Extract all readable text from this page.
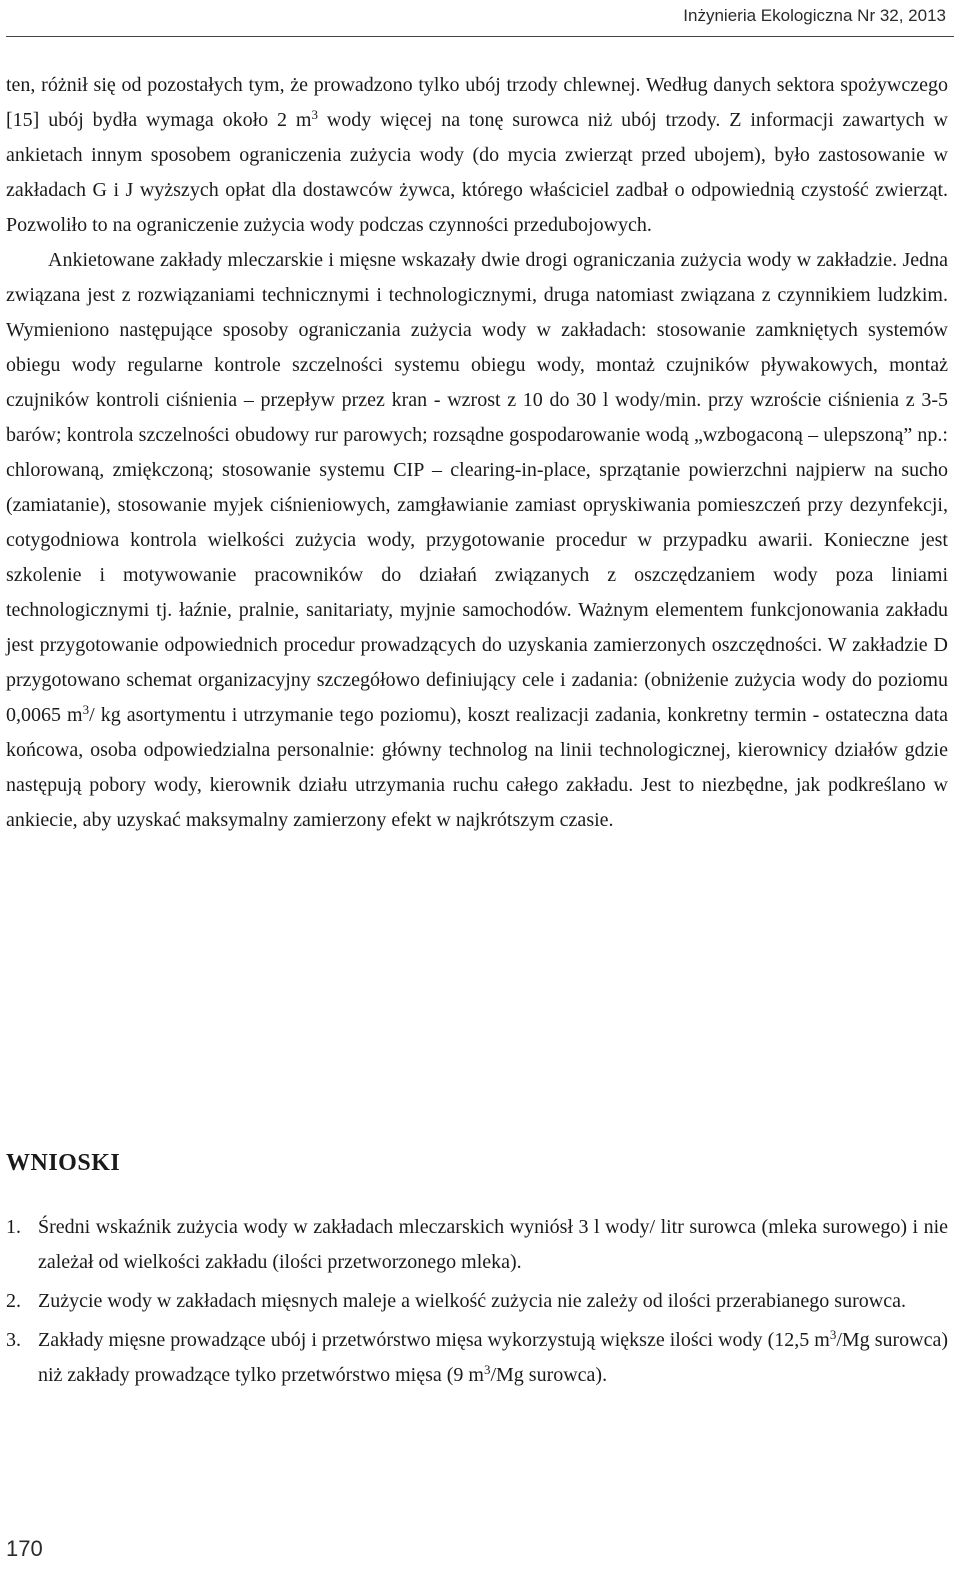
Inżynieria Ekologiczna Nr 32, 2013

ten, różnił się od pozostałych tym, że prowadzono tylko ubój trzody chlewnej. Według danych sektora spożywczego [15] ubój bydła wymaga około 2 $m^3$ wody więcej na tonę surowca niż ubój trzody. Z informacji zawartych w ankietach innym sposobem ograniczenia zużycia wody (do mycia zwierząt przed ubojem), było zastosowanie w zakładach G i J wyższych opłat dla dostawców żywca, którego właściciel zadbał o odpowiednią czystość zwierząt. Pozwoliło to na ograniczenie zużycia wody podczas czynności przedubojowych.

Ankietowane zakłady mleczarskie i mięsne wskazały dwie drogi ograniczania zużycia wody w zakładzie. Jedna związana jest z rozwiązaniami technicznymi i technologicznymi, druga natomiast związana z czynnikiem ludzkim. Wymieniono następujące sposoby ograniczania zużycia wody w zakładach: stosowanie zamkniętych systemów obiegu wody regularne kontrole szczelności systemu obiegu wody, montaż czujników pływakowych, montaż czujników kontroli ciśnienia – przepływ przez kran - wzrost z 10 do 30 l wody/min. przy wzroście ciśnienia z 3-5 barów; kontrola szczelności obudowy rur parowych; rozsądne gospodarowanie wodą „wzbogaconą – ulepszoną” np.: chlorowaną, zmiękczoną; stosowanie systemu CIP – clearing-in-place, sprzątanie powierzchni najpierw na sucho (zamiatanie), stosowanie myjek ciśnieniowych, zamgławianie zamiast opryskiwania pomieszczeń przy dezynfekcji, cotygodniowa kontrola wielkości zużycia wody, przygotowanie procedur w przypadku awarii. Konieczne jest szkolenie i motywowanie pracowników do działań związanych z oszczędzaniem wody poza liniami technologicznymi tj. łaźnie, pralnie, sanitariaty, myjnie samochodów. Ważnym elementem funkcjonowania zakładu jest przygotowanie odpowiednich procedur prowadzących do uzyskania zamierzonych oszczędności. W zakładzie D przygotowano schemat organizacyjny szczegółowo definiujący cele i zadania: (obniżenie zużycia wody do poziomu 0,0065 $m^3/$ kg asortymentu i utrzymanie tego poziomu), koszt realizacji zadania, konkretny termin - ostateczna data końcowa, osoba odpowiedzialna personalnie: główny technolog na linii technologicznej, kierownicy działów gdzie następują pobory wody, kierownik działu utrzymania ruchu całego zakładu. Jest to niezbędne, jak podkreślano w ankiecie, aby uzyskać maksymalny zamierzony efekt w najkrótszym czasie.

WNIOSKI
1. Średni wskaźnik zużycia wody w zakładach mleczarskich wyniósł 3 l wody/ litr surowca (mleka surowego) i nie zależał od wielkości zakładu (ilości przetworzonego mleka).
2. Zużycie wody w zakładach mięsnych maleje a wielkość zużycia nie zależy od ilości przerabianego surowca.
3. Zakłady mięsne prowadzące ubój i przetwórstwo mięsa wykorzystują większe ilości wody (12,5 $m^3/Mg$ surowca) niż zakłady prowadzące tylko przetwórstwo mięsa (9 $m^3/Mg$ surowca).
170
